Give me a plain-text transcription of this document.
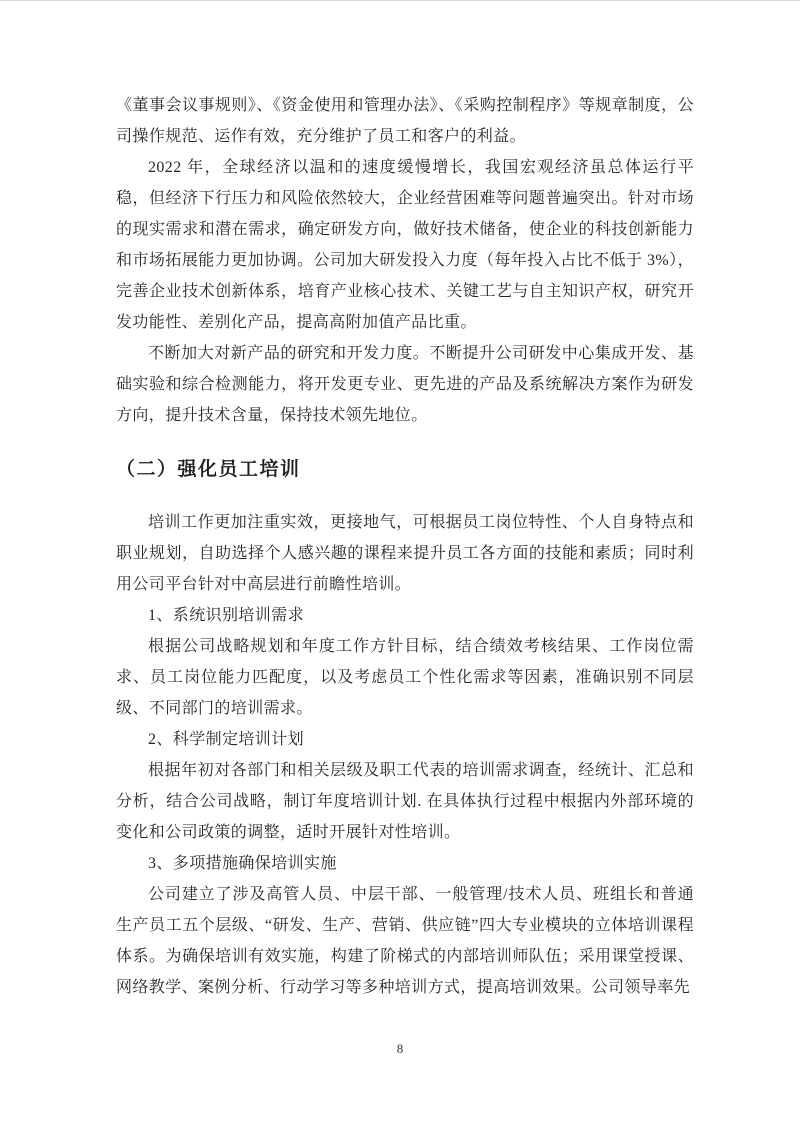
《董事会议事规则》、《资金使用和管理办法》、《采购控制程序》等规章制度，公司操作规范、运作有效，充分维护了员工和客户的利益。

2022 年，全球经济以温和的速度缓慢增长，我国宏观经济虽总体运行平稳，但经济下行压力和风险依然较大，企业经营困难等问题普遍突出。针对市场的现实需求和潜在需求，确定研发方向，做好技术储备，使企业的科技创新能力和市场拓展能力更加协调。公司加大研发投入力度（每年投入占比不低于 3%），完善企业技术创新体系，培育产业核心技术、关键工艺与自主知识产权，研究开发功能性、差别化产品，提高高附加值产品比重。

不断加大对新产品的研究和开发力度。不断提升公司研发中心集成开发、基础实验和综合检测能力，将开发更专业、更先进的产品及系统解决方案作为研发方向，提升技术含量，保持技术领先地位。

（二）强化员工培训

培训工作更加注重实效，更接地气，可根据员工岗位特性、个人自身特点和职业规划，自助选择个人感兴趣的课程来提升员工各方面的技能和素质；同时利用公司平台针对中高层进行前瞻性培训。

1、系统识别培训需求

根据公司战略规划和年度工作方针目标，结合绩效考核结果、工作岗位需求、员工岗位能力匹配度，以及考虑员工个性化需求等因素，准确识别不同层级、不同部门的培训需求。

2、科学制定培训计划

根据年初对各部门和相关层级及职工代表的培训需求调查，经统计、汇总和分析，结合公司战略，制订年度培训计划. 在具体执行过程中根据内外部环境的变化和公司政策的调整，适时开展针对性培训。

3、多项措施确保培训实施

公司建立了涉及高管人员、中层干部、一般管理/技术人员、班组长和普通生产员工五个层级、“研发、生产、营销、供应链”四大专业模块的立体培训课程体系。为确保培训有效实施，构建了阶梯式的内部培训师队伍；采用课堂授课、网络教学、案例分析、行动学习等多种培训方式，提高培训效果。公司领导率先

8
